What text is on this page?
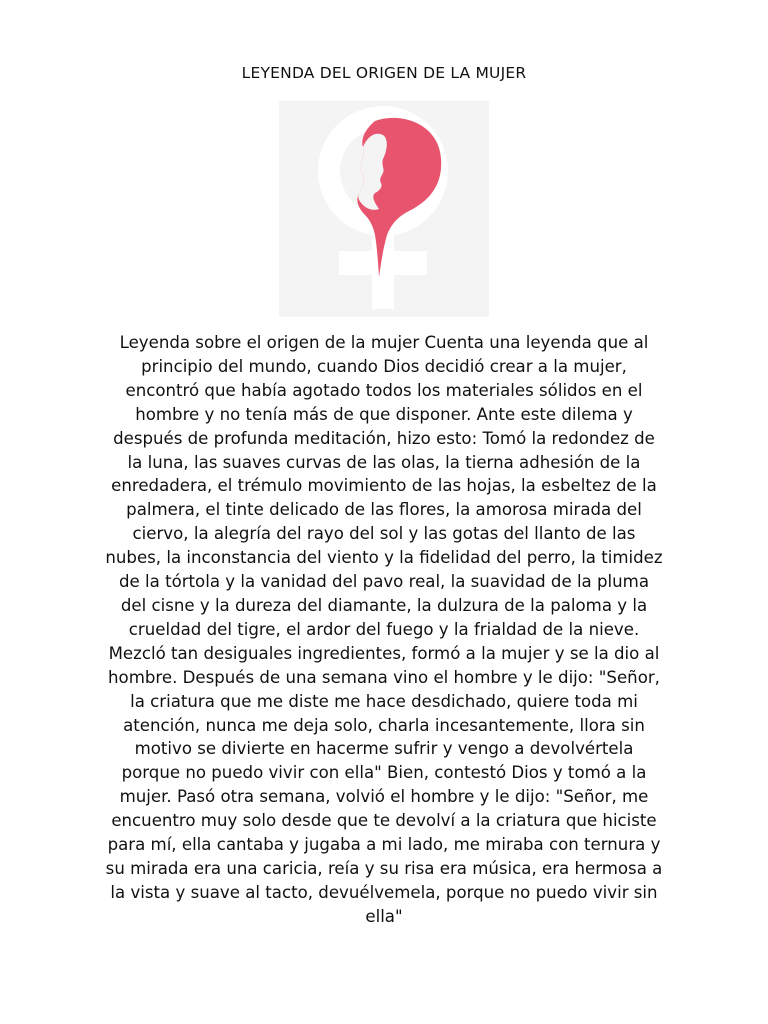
LEYENDA DEL ORIGEN DE LA MUJER

Leyenda sobre el origen de la mujer Cuenta una leyenda que al principio del mundo, cuando Dios decidió crear a la mujer, encontró que había agotado todos los materiales sólidos en el hombre y no tenía más de que disponer. Ante este dilema y después de profunda meditación, hizo esto: Tomó la redondez de la luna, las suaves curvas de las olas, la tierna adhesión de la enredadera, el trémulo movimiento de las hojas, la esbeltez de la palmera, el tinte delicado de las flores, la amorosa mirada del ciervo, la alegría del rayo del sol y las gotas del llanto de las nubes, la inconstancia del viento y la fidelidad del perro, la timidez de la tórtola y la vanidad del pavo real, la suavidad de la pluma del cisne y la dureza del diamante, la dulzura de la paloma y la crueldad del tigre, el ardor del fuego y la frialdad de la nieve. Mezcló tan desiguales ingredientes, formó a la mujer y se la dio al hombre. Después de una semana vino el hombre y le dijo: "Señor, la criatura que me diste me hace desdichado, quiere toda mi atención, nunca me deja solo, charla incesantemente, llora sin motivo se divierte en hacerme sufrir y vengo a devolvértela porque no puedo vivir con ella" Bien, contestó Dios y tomó a la mujer. Pasó otra semana, volvió el hombre y le dijo: "Señor, me encuentro muy solo desde que te devolví a la criatura que hiciste para mí, ella cantaba y jugaba a mi lado, me miraba con ternura y su mirada era una caricia, reía y su risa era música, era hermosa a la vista y suave al tacto, devuélvemela, porque no puedo vivir sin ella"
